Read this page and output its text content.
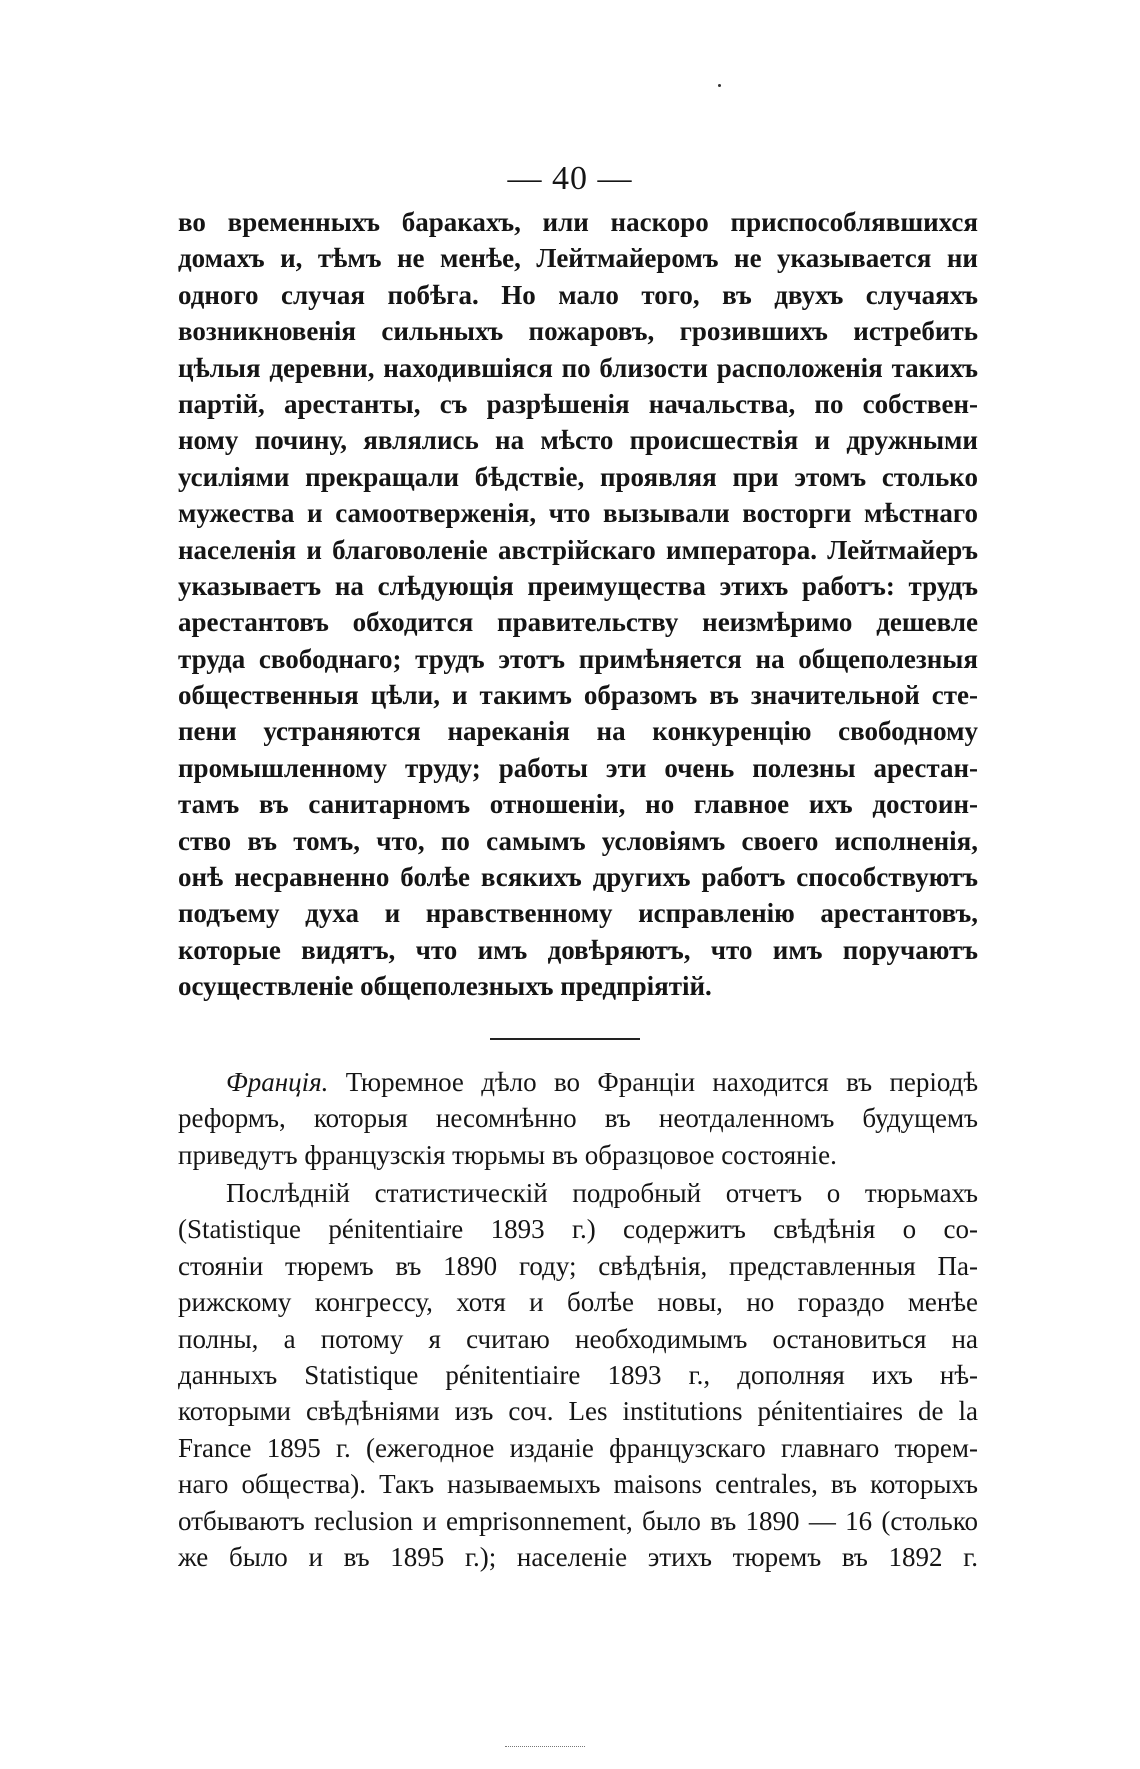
— 40 —
во временныхъ баракахъ, или наскоро приспособлявшихся
домахъ и, тѣмъ не менѣе, Лейтмайеромъ не указывается ни
одного случая побѣга. Но мало того, въ двухъ случаяхъ
возникновенія сильныхъ пожаровъ, грозившихъ истребить
цѣлыя деревни, находившіяся по близости расположенія такихъ
партій, арестанты, съ разрѣшенія начальства, по собствен-
ному почину, являлись на мѣсто происшествія и дружными
усиліями прекращали бѣдствіе, проявляя при этомъ столько
мужества и самоотверженія, что вызывали восторги мѣстнаго
населенія и благоволеніе австрійскаго императора. Лейтмайеръ
указываетъ на слѣдующія преимущества этихъ работъ: трудъ
арестантовъ обходится правительству неизмѣримо дешевле
труда свободнаго; трудъ этотъ примѣняется на общеполезныя
общественныя цѣли, и такимъ образомъ въ значительной сте-
пени устраняются нареканія на конкуренцію свободному
промышленному труду; работы эти очень полезны арестан-
тамъ въ санитарномъ отношеніи, но главное ихъ достоин-
ство въ томъ, что, по самымъ условіямъ своего исполненія,
онѣ несравненно болѣе всякихъ другихъ работъ способствуютъ
подъему духа и нравственному исправленію арестантовъ,
которые видятъ, что имъ довѣряютъ, что имъ поручаютъ
осуществленіе общеполезныхъ предпріятій.
Франція. Тюремное дѣло во Франціи находится въ періодѣ
реформъ, которыя несомнѣнно въ неотдаленномъ будущемъ
приведутъ французскія тюрьмы въ образцовое состояніе.
Послѣдній статистическій подробный отчетъ о тюрьмахъ
(Statistique pénitentiaire 1893 г.) содержитъ свѣдѣнія о со-
стояніи тюремъ въ 1890 году; свѣдѣнія, представленныя Па-
рижскому конгрессу, хотя и болѣе новы, но гораздо менѣе
полны, а потому я считаю необходимымъ остановиться на
данныхъ Statistique pénitentiaire 1893 г., дополняя ихъ нѣ-
которыми свѣдѣніями изъ соч. Les institutions pénitentiaires de la
France 1895 г. (ежегодное изданіе французскаго главнаго тюрем-
наго общества). Такъ называемыхъ maisons centrales, въ которыхъ
отбываютъ reclusion и emprisonnement, было въ 1890 — 16 (столько
же было и въ 1895 г.); населеніе этихъ тюремъ въ 1892 г.
